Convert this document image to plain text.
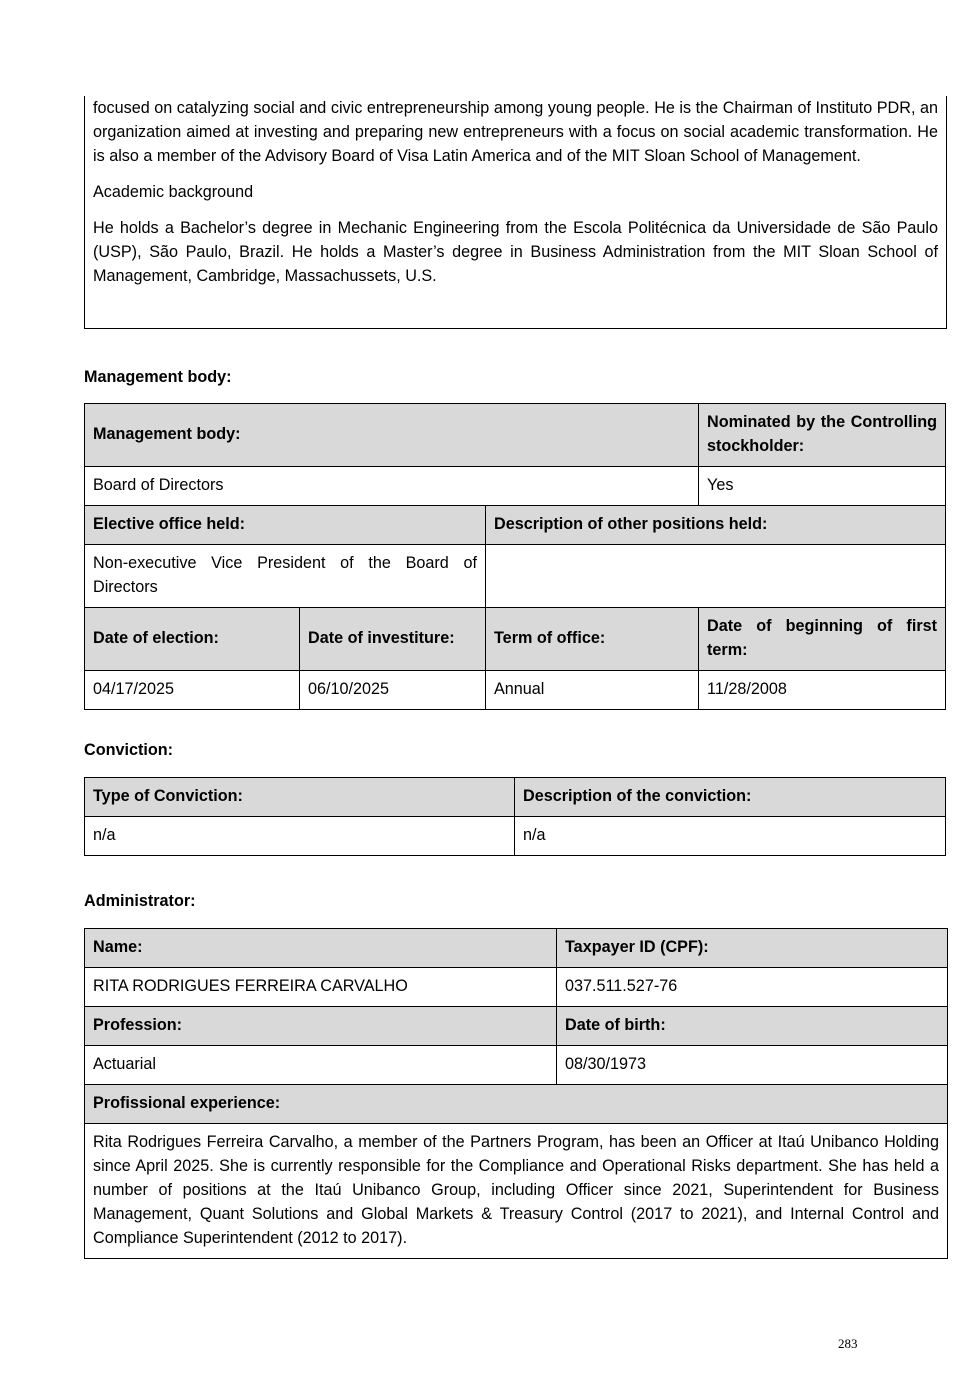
focused on catalyzing social and civic entrepreneurship among young people. He is the Chairman of Instituto PDR, an organization aimed at investing and preparing new entrepreneurs with a focus on social academic transformation. He is also a member of the Advisory Board of Visa Latin America and of the MIT Sloan School of Management.

Academic background

He holds a Bachelor’s degree in Mechanic Engineering from the Escola Politécnica da Universidade de São Paulo (USP), São Paulo, Brazil. He holds a Master’s degree in Business Administration from the MIT Sloan School of Management, Cambridge, Massachussets, U.S.

Management body:
Management body:			Nominated by the Controlling stockholder:
Board of Directors			Yes
Elective office held:		Description of other positions held:	
Non-executive Vice President of the Board of Directors			
Date of election:	Date of investiture:	Term of office:	Date of beginning of first term:
04/17/2025	06/10/2025	Annual	11/28/2008
Conviction:
Type of Conviction:	Description of the conviction:
n/a	n/a
Administrator:
Name:	Taxpayer ID (CPF):
RITA RODRIGUES FERREIRA CARVALHO	037.511.527-76
Profession:	Date of birth:
Actuarial	08/30/1973
Profissional experience:	
Rita Rodrigues Ferreira Carvalho, a member of the Partners Program, has been an Officer at Itaú Unibanco Holding since April 2025. She is currently responsible for the Compliance and Operational Risks department. She has held a number of positions at the Itaú Unibanco Group, including Officer since 2021, Superintendent for Business Management, Quant Solutions and Global Markets & Treasury Control (2017 to 2021), and Internal Control and Compliance Superintendent (2012 to 2017).	
283
